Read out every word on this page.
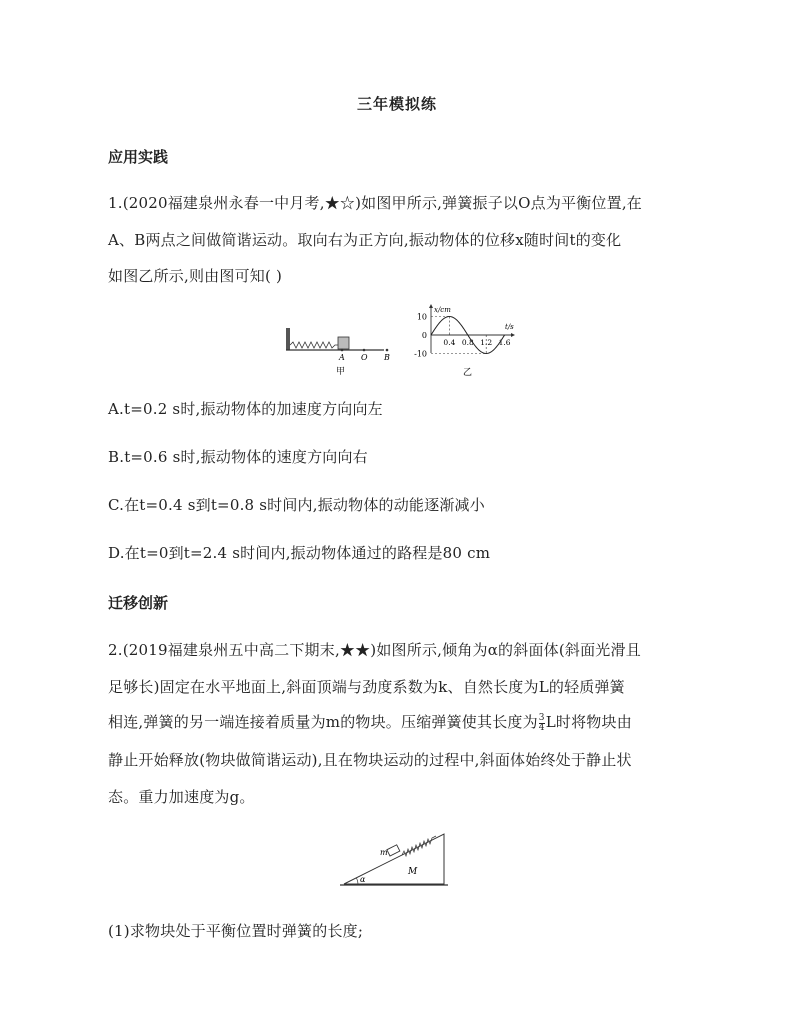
三年模拟练
应用实践
1.(2020福建泉州永春一中月考,★☆)如图甲所示,弹簧振子以O点为平衡位置,在
A、B两点之间做简谐运动。取向右为正方向,振动物体的位移x随时间t的变化
如图乙所示,则由图可知( )
A O B
甲
x/cm
t/s
10
0
-10
0.4 0.8 1.2 1.6
乙
A.t=0.2 s时,振动物体的加速度方向向左
B.t=0.6 s时,振动物体的速度方向向右
C.在t=0.4 s到t=0.8 s时间内,振动物体的动能逐渐减小
D.在t=0到t=2.4 s时间内,振动物体通过的路程是80 cm
迁移创新
2.(2019福建泉州五中高二下期末,★★)如图所示,倾角为α的斜面体(斜面光滑且
足够长)固定在水平地面上,斜面顶端与劲度系数为k、自然长度为L的轻质弹簧
相连,弹簧的另一端连接着质量为m的物块。压缩弹簧使其长度为 $\frac{3}{4}$ L时将物块由
静止开始释放(物块做简谐运动),且在物块运动的过程中,斜面体始终处于静止状
态。重力加速度为g。
m
M
α
(1)求物块处于平衡位置时弹簧的长度;
